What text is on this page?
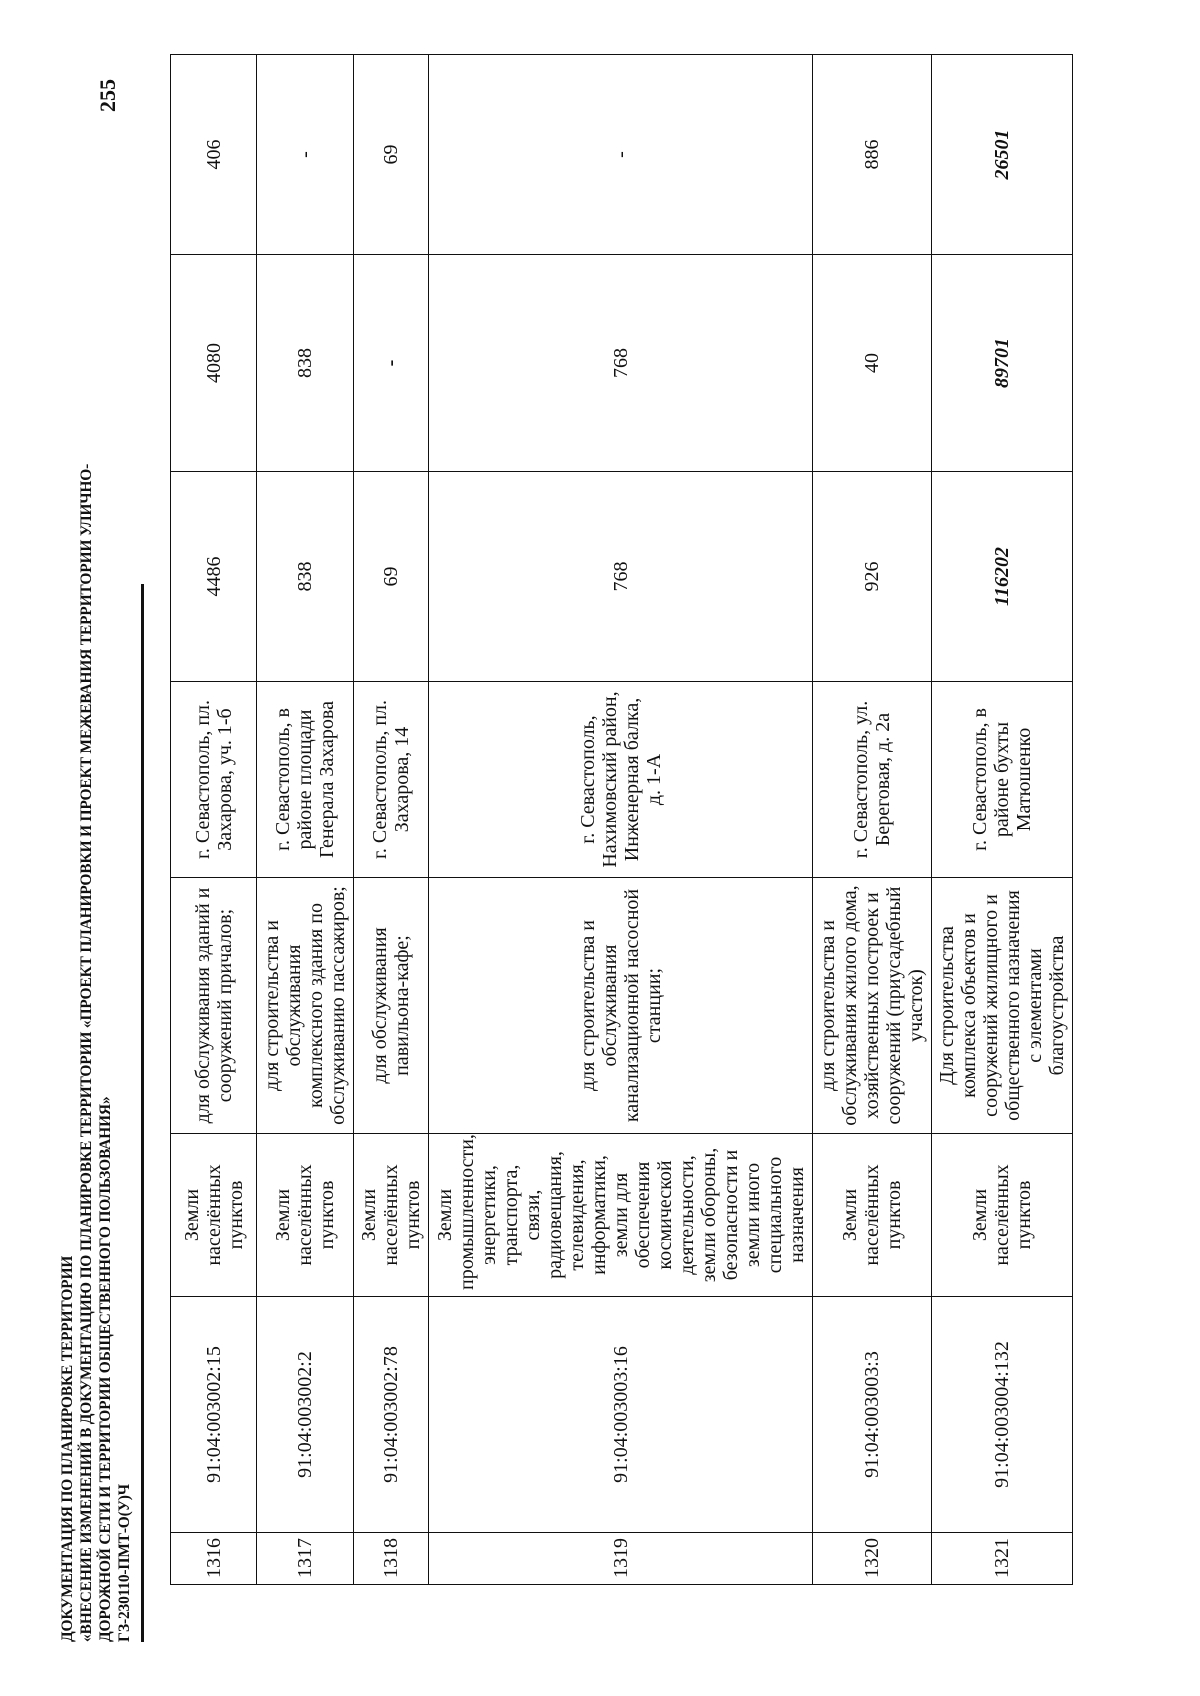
255
ДОКУМЕНТАЦИЯ ПО ПЛАНИРОВКЕ ТЕРРИТОРИИ «ВНЕСЕНИЕ ИЗМЕНЕНИЙ В ДОКУМЕНТАЦИЮ ПО ПЛАНИРОВКЕ ТЕРРИТОРИИ «ПРОЕКТ ПЛАНИРОВКИ И ПРОЕКТ МЕЖЕВАНИЯ ТЕРРИТОРИИ УЛИЧНО- ДОРОЖНОЙ СЕТИ И ТЕРРИТОРИИ ОБЩЕСТВЕННОГО ПОЛЬЗОВАНИЯ» ГЗ-230110-ПМТ-О(У)Ч	1316	91:04:003002:15	Земли населённых пунктов	для обслуживания зданий и сооружений причалов;	г. Севастополь, пл. Захарова, уч. 1-б	4486	4080	406
1317	91:04:003002:2	Земли населённых пунктов	для строительства и обслуживания комплексного здания по обслуживанию пассажиров;	г. Севастополь, в районе площади Генерала Захарова	838	838	-
1318	91:04:003002:78	Земли населённых пунктов	для обслуживания павильона-кафе;	г. Севастополь, пл. Захарова, 14	69	-	69
1319	91:04:003003:16	Земли промышленности, энергетики, транспорта, связи, радиовещания, телевидения, информатики, земли для обеспечения космической деятельности, земли обороны, безопасности и земли иного специального назначения	для строительства и обслуживания канализационной насосной станции;	г. Севастополь, Нахимовский район, Инженерная балка, д. 1-А	768	768	-
1320	91:04:003003:3	Земли населённых пунктов	для строительства и обслуживания жилого дома, хозяйственных построек и сооружений (приусадебный участок)	г. Севастополь, ул. Береговая, д. 2а	926	40	886
1321	91:04:003004:132	Земли населённых пунктов	Для строительства комплекса объектов и сооружений жилищного и общественного назначения с элементами благоустройства	г. Севастополь, в районе бухты Матюшенко	116202	89701	26501
